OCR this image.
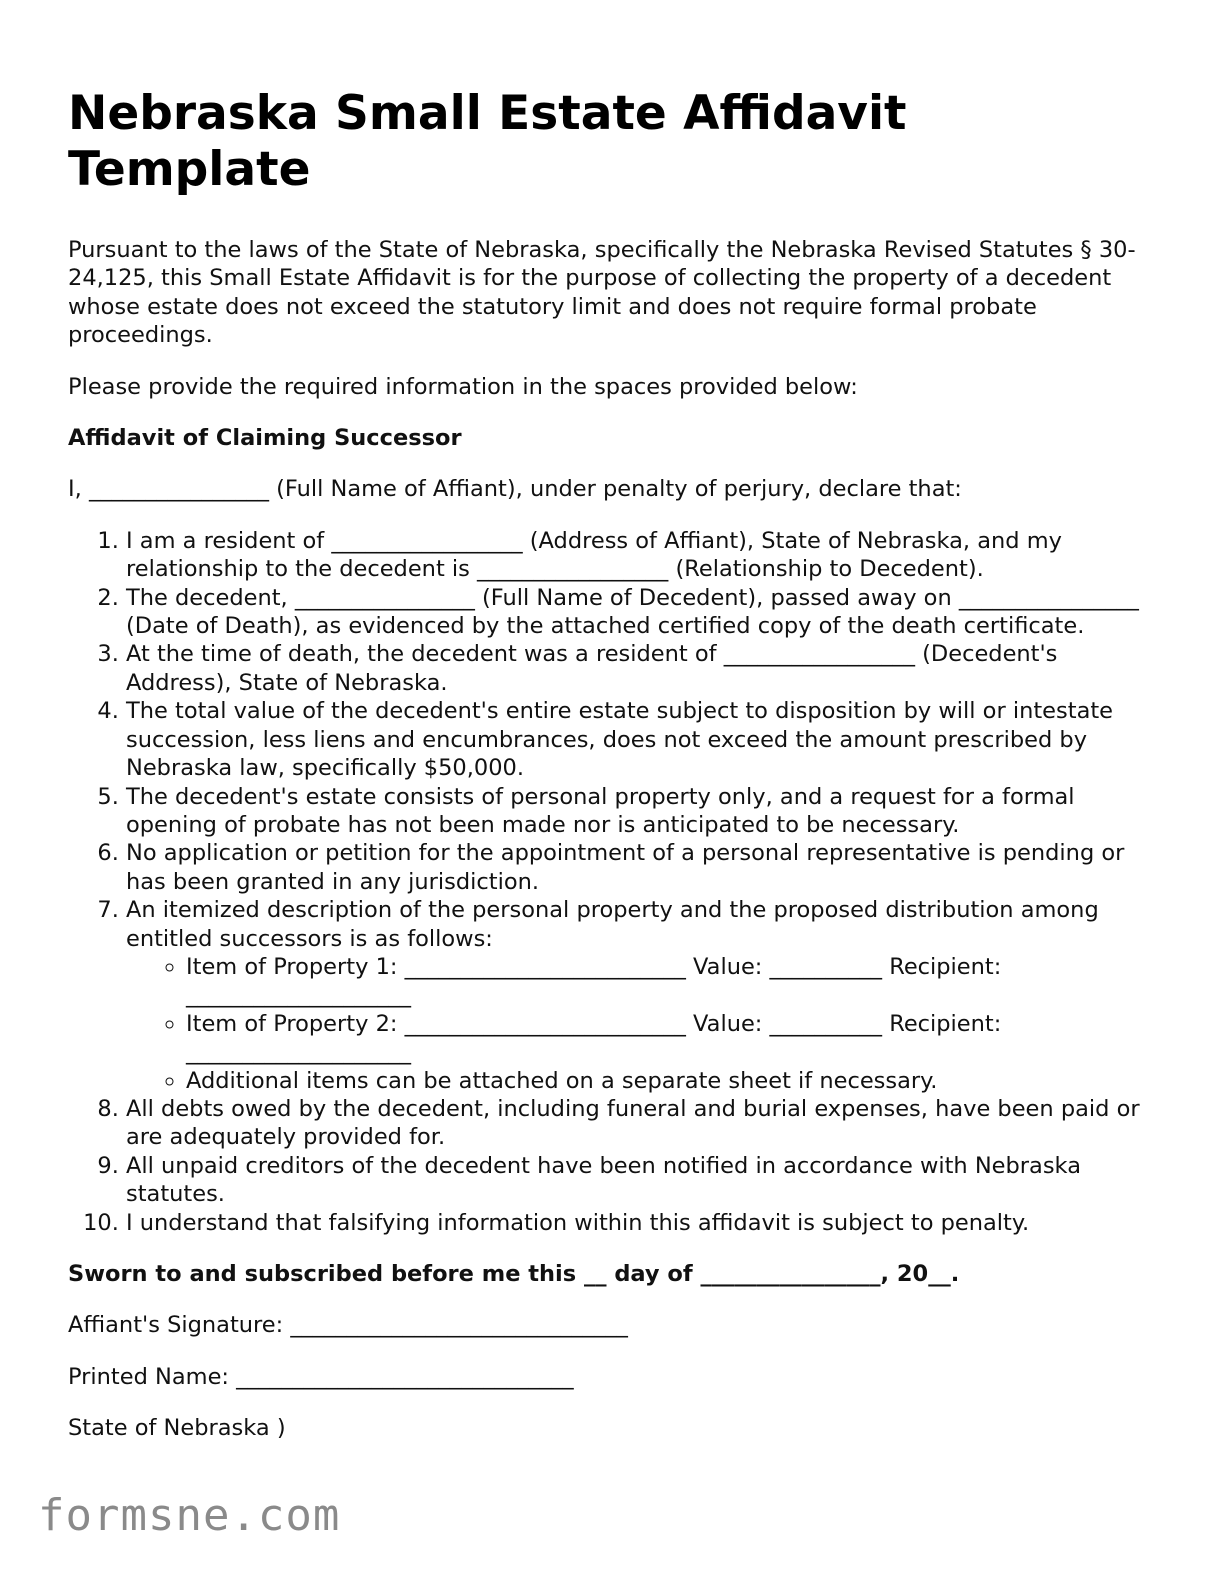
Nebraska Small Estate Affidavit Template

Pursuant to the laws of the State of Nebraska, specifically the Nebraska Revised Statutes § 30-24,125, this Small Estate Affidavit is for the purpose of collecting the property of a decedent whose estate does not exceed the statutory limit and does not require formal probate proceedings.

Please provide the required information in the spaces provided below:

Affidavit of Claiming Successor

I, ________________ (Full Name of Affiant), under penalty of perjury, declare that:

1. I am a resident of _________________ (Address of Affiant), State of Nebraska, and my relationship to the decedent is _________________ (Relationship to Decedent).
2. The decedent, ________________ (Full Name of Decedent), passed away on ________________ (Date of Death), as evidenced by the attached certified copy of the death certificate.
3. At the time of death, the decedent was a resident of _________________ (Decedent's Address), State of Nebraska.
4. The total value of the decedent's entire estate subject to disposition by will or intestate succession, less liens and encumbrances, does not exceed the amount prescribed by Nebraska law, specifically $50,000.
5. The decedent's estate consists of personal property only, and a request for a formal opening of probate has not been made nor is anticipated to be necessary.
6. No application or petition for the appointment of a personal representative is pending or has been granted in any jurisdiction.
7. An itemized description of the personal property and the proposed distribution among entitled successors is as follows:
◦ Item of Property 1: _________________________ Value: __________ Recipient: ____________________
◦ Item of Property 2: _________________________ Value: __________ Recipient: ____________________
◦ Additional items can be attached on a separate sheet if necessary.
8. All debts owed by the decedent, including funeral and burial expenses, have been paid or are adequately provided for.
9. All unpaid creditors of the decedent have been notified in accordance with Nebraska statutes.
10. I understand that falsifying information within this affidavit is subject to penalty.

Sworn to and subscribed before me this __ day of ________________, 20__.

Affiant's Signature: ______________________________

Printed Name: ______________________________

State of Nebraska )

formsne.com
